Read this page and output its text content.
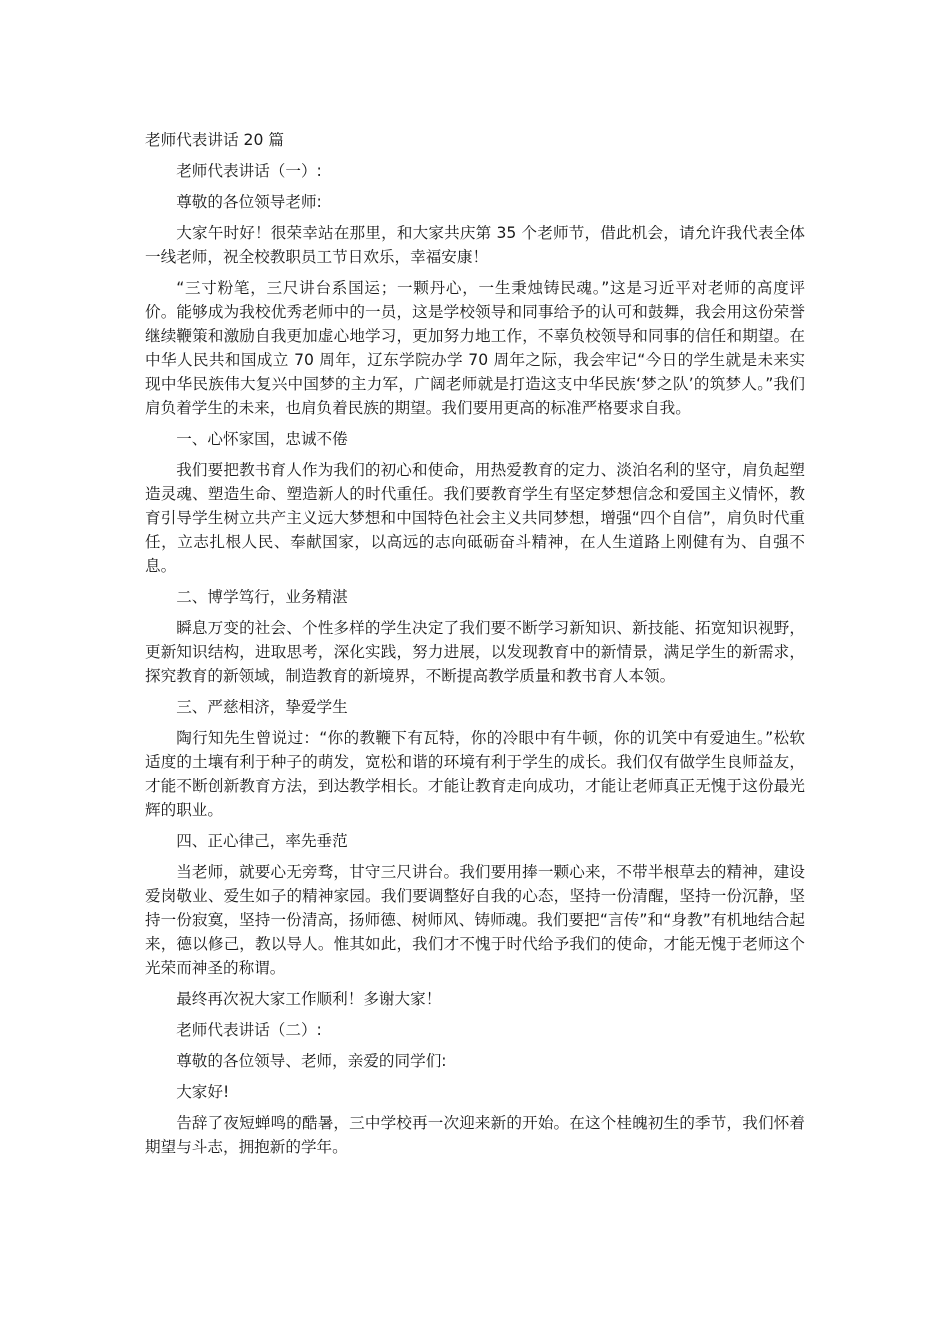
老师代表讲话 20 篇
老师代表讲话（一）:
尊敬的各位领导老师:
大家午时好！很荣幸站在那里，和大家共庆第 35 个老师节，借此机会，请允许我代表全体一线老师，祝全校教职员工节日欢乐，幸福安康！
“三寸粉笔，三尺讲台系国运；一颗丹心，一生秉烛铸民魂。”这是习近平对老师的高度评价。能够成为我校优秀老师中的一员，这是学校领导和同事给予的认可和鼓舞，我会用这份荣誉继续鞭策和激励自我更加虚心地学习，更加努力地工作，不辜负校领导和同事的信任和期望。在中华人民共和国成立 70 周年，辽东学院办学 70 周年之际，我会牢记“今日的学生就是未来实现中华民族伟大复兴中国梦的主力军，广阔老师就是打造这支中华民族‘梦之队’的筑梦人。”我们肩负着学生的未来，也肩负着民族的期望。我们要用更高的标准严格要求自我。
一、心怀家国，忠诚不倦
我们要把教书育人作为我们的初心和使命，用热爱教育的定力、淡泊名利的坚守，肩负起塑造灵魂、塑造生命、塑造新人的时代重任。我们要教育学生有坚定梦想信念和爱国主义情怀，教育引导学生树立共产主义远大梦想和中国特色社会主义共同梦想，增强“四个自信”，肩负时代重任，立志扎根人民、奉献国家，以高远的志向砥砺奋斗精神，在人生道路上刚健有为、自强不息。
二、博学笃行，业务精湛
瞬息万变的社会、个性多样的学生决定了我们要不断学习新知识、新技能、拓宽知识视野，更新知识结构，进取思考，深化实践，努力进展，以发现教育中的新情景，满足学生的新需求，探究教育的新领域，制造教育的新境界，不断提高教学质量和教书育人本领。
三、严慈相济，挚爱学生
陶行知先生曾说过：“你的教鞭下有瓦特，你的冷眼中有牛顿，你的讥笑中有爱迪生。”松软适度的土壤有利于种子的萌发，宽松和谐的环境有利于学生的成长。我们仅有做学生良师益友，才能不断创新教育方法，到达教学相长。才能让教育走向成功，才能让老师真正无愧于这份最光辉的职业。
四、正心律己，率先垂范
当老师，就要心无旁骛，甘守三尺讲台。我们要用捧一颗心来，不带半根草去的精神，建设爱岗敬业、爱生如子的精神家园。我们要调整好自我的心态，坚持一份清醒，坚持一份沉静，坚持一份寂寞，坚持一份清高，扬师德、树师风、铸师魂。我们要把“言传”和“身教”有机地结合起来，德以修己，教以导人。惟其如此，我们才不愧于时代给予我们的使命，才能无愧于老师这个光荣而神圣的称谓。
最终再次祝大家工作顺利！多谢大家！
老师代表讲话（二）:
尊敬的各位领导、老师，亲爱的同学们:
大家好!
告辞了夜短蝉鸣的酷暑，三中学校再一次迎来新的开始。在这个桂魄初生的季节，我们怀着期望与斗志，拥抱新的学年。
